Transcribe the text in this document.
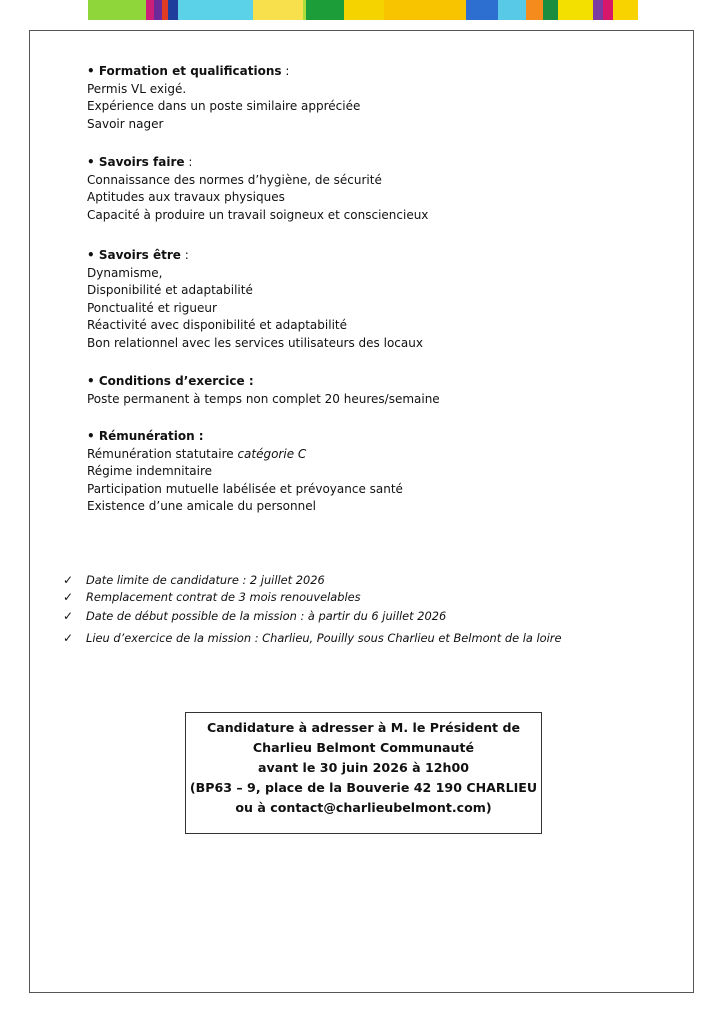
• Formation et qualifications :
Permis VL exigé.
Expérience dans un poste similaire appréciée
Savoir nager
• Savoirs faire :
Connaissance des normes d’hygiène, de sécurité
Aptitudes aux travaux physiques
Capacité à produire un travail soigneux et consciencieux
• Savoirs être :
Dynamisme,
Disponibilité et adaptabilité
Ponctualité et rigueur
Réactivité avec disponibilité et adaptabilité
Bon relationnel avec les services utilisateurs des locaux
• Conditions d’exercice :
Poste permanent à temps non complet 20 heures/semaine
• Rémunération :
Rémunération statutaire catégorie C
Régime indemnitaire
Participation mutuelle labélisée et prévoyance santé
Existence d’une amicale du personnel
✓ Date limite de candidature : 2 juillet 2026
✓ Remplacement contrat de 3 mois renouvelables
✓ Date de début possible de la mission : à partir du 6 juillet 2026
✓ Lieu d’exercice de la mission : Charlieu, Pouilly sous Charlieu et Belmont de la loire
Candidature à adresser à M. le Président de
Charlieu Belmont Communauté
avant le 30 juin 2026 à 12h00
(BP63 – 9, place de la Bouverie 42 190 CHARLIEU
ou à contact@charlieubelmont.com)
